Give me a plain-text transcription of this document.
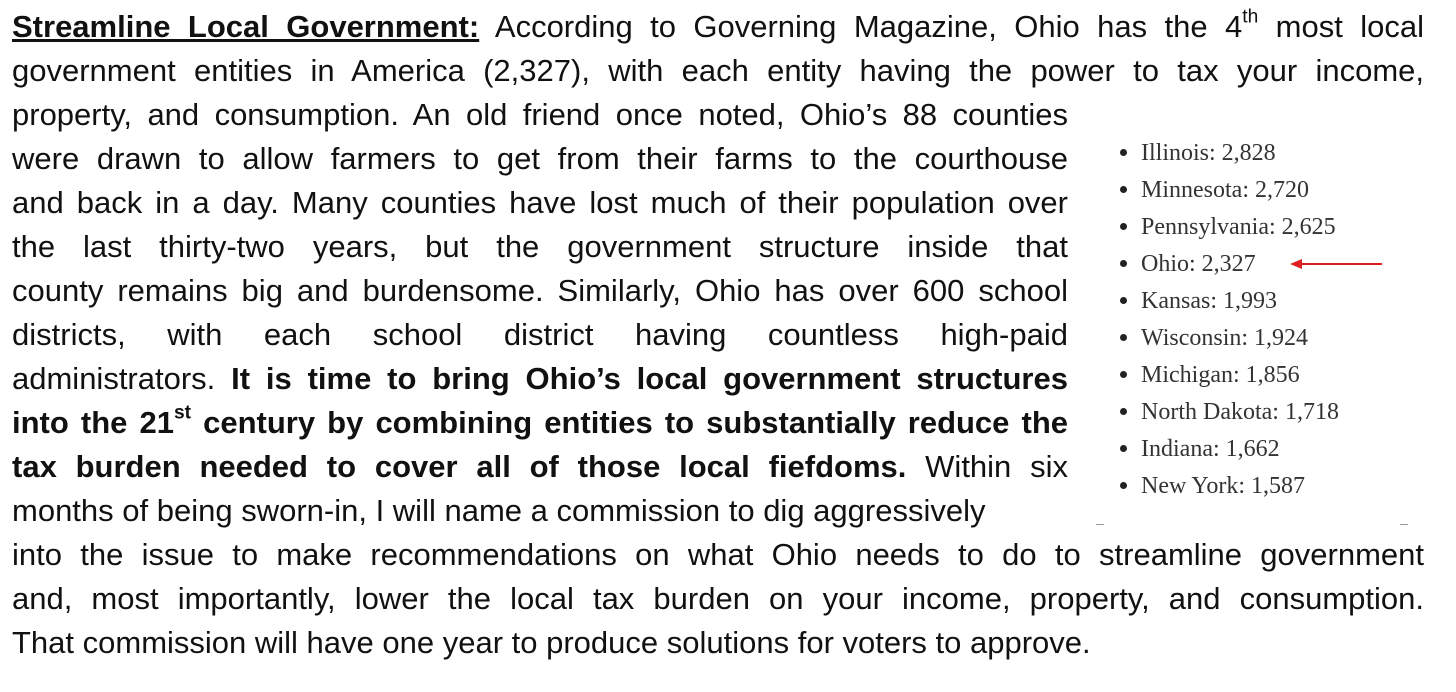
Streamline Local Government: According to Governing Magazine, Ohio has the 4th most local
government entities in America (2,327), with each entity having the power to tax your income,
property, and consumption. An old friend once noted, Ohio’s 88 counties
were drawn to allow farmers to get from their farms to the courthouse
and back in a day. Many counties have lost much of their population over
the last thirty-two years, but the government structure inside that
county remains big and burdensome. Similarly, Ohio has over 600 school
districts, with each school district having countless high-paid
administrators. It is time to bring Ohio’s local government structures
into the 21st century by combining entities to substantially reduce the
tax burden needed to cover all of those local fiefdoms. Within six
months of being sworn-in, I will name a commission to dig aggressively
into the issue to make recommendations on what Ohio needs to do to streamline government
and, most importantly, lower the local tax burden on your income, property, and consumption.
That commission will have one year to produce solutions for voters to approve.
Illinois: 2,828
Minnesota: 2,720
Pennsylvania: 2,625
Ohio: 2,327
Kansas: 1,993
Wisconsin: 1,924
Michigan: 1,856
North Dakota: 1,718
Indiana: 1,662
New York: 1,587
